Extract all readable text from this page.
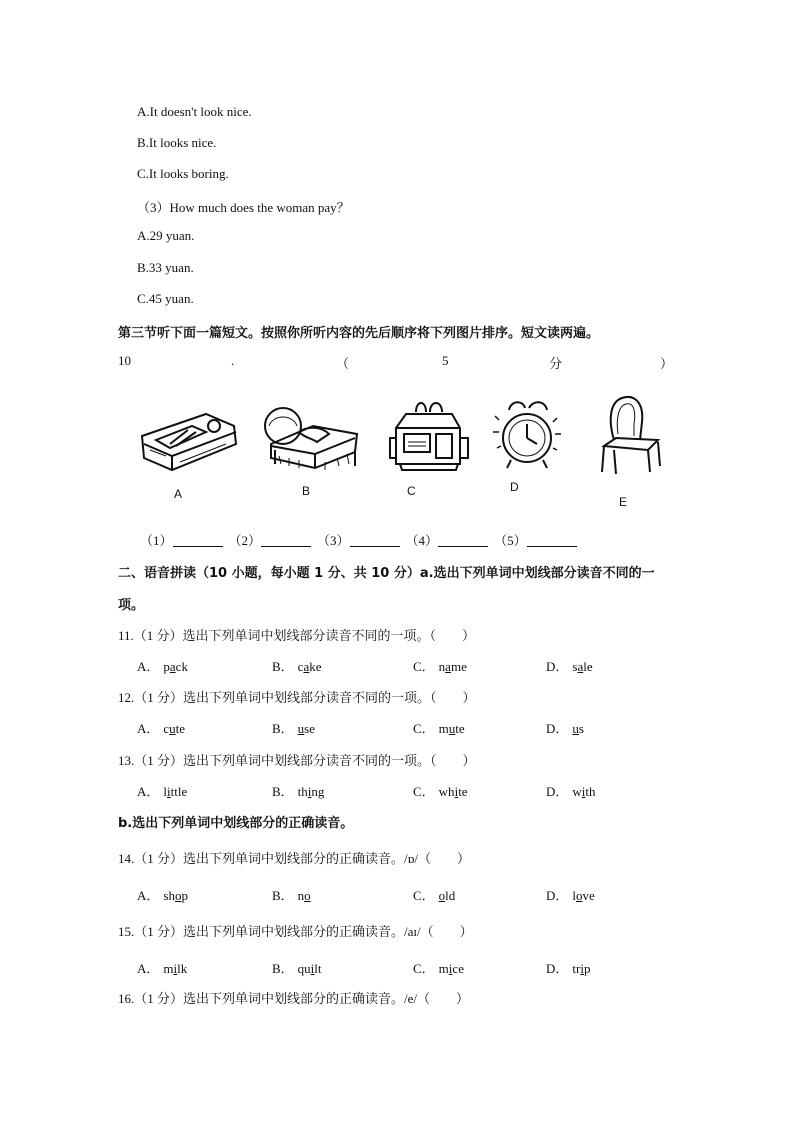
A.It doesn't look nice.
B.It looks nice.
C.It looks boring.
（3）How much does the woman pay？
A.29 yuan.
B.33 yuan.
C.45 yuan.
第三节听下面一篇短文。按照你所听内容的先后顺序将下列图片排序。短文读两遍。
10	.	（	5	分	）
A	B	C	D
E
（1）	（2）	（3）	（4）	（5）
二、语音拼读（10 小题，每小题 1 分、共 10 分）a.选出下列单词中划线部分读音不同的一
项。
11.（1 分）选出下列单词中划线部分读音不同的一项。（　　）
12.（1 分）选出下列单词中划线部分读音不同的一项。（　　）
13.（1 分）选出下列单词中划线部分读音不同的一项。（　　）
b.选出下列单词中划线部分的正确读音。
14.（1 分）选出下列单词中划线部分的正确读音。/ɒ/（　　）
15.（1 分）选出下列单词中划线部分的正确读音。/aɪ/（　　）
16.（1 分）选出下列单词中划线部分的正确读音。/e/（　　）
A． pack	B． cake	C． name	D． sale
A． cute	B． use	C． mute	D． us
A． little	B． thing	C． white	D． with
A． shop	B． no	C． old	D． love
A． milk	B． quilt	C． mice	D． trip
